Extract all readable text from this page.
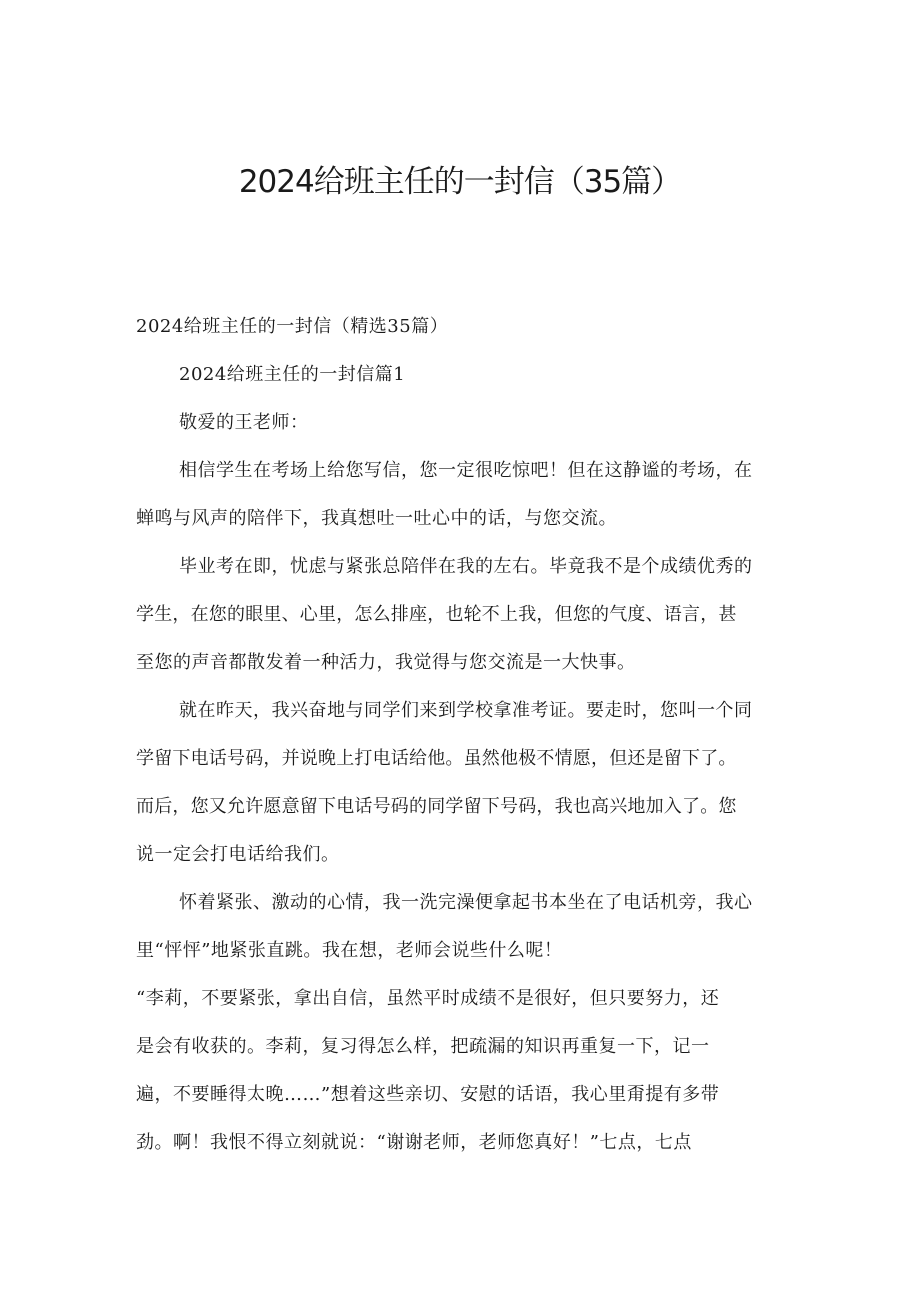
2024给班主任的一封信（35篇）
2024给班主任的一封信（精选35篇）
2024给班主任的一封信篇1
敬爱的王老师：
相信学生在考场上给您写信，您一定很吃惊吧！但在这静谧的考场，在
蝉鸣与风声的陪伴下，我真想吐一吐心中的话，与您交流。
毕业考在即，忧虑与紧张总陪伴在我的左右。毕竟我不是个成绩优秀的
学生，在您的眼里、心里，怎么排座，也轮不上我，但您的气度、语言，甚
至您的声音都散发着一种活力，我觉得与您交流是一大快事。
就在昨天，我兴奋地与同学们来到学校拿准考证。要走时，您叫一个同
学留下电话号码，并说晚上打电话给他。虽然他极不情愿，但还是留下了。
而后，您又允许愿意留下电话号码的同学留下号码，我也高兴地加入了。您
说一定会打电话给我们。
怀着紧张、激动的心情，我一洗完澡便拿起书本坐在了电话机旁，我心
里“怦怦”地紧张直跳。我在想，老师会说些什么呢！
“李莉，不要紧张，拿出自信，虽然平时成绩不是很好，但只要努力，还
是会有收获的。李莉，复习得怎么样，把疏漏的知识再重复一下，记一
遍，不要睡得太晚……”想着这些亲切、安慰的话语，我心里甭提有多带
劲。啊！我恨不得立刻就说：“谢谢老师，老师您真好！”七点，七点
